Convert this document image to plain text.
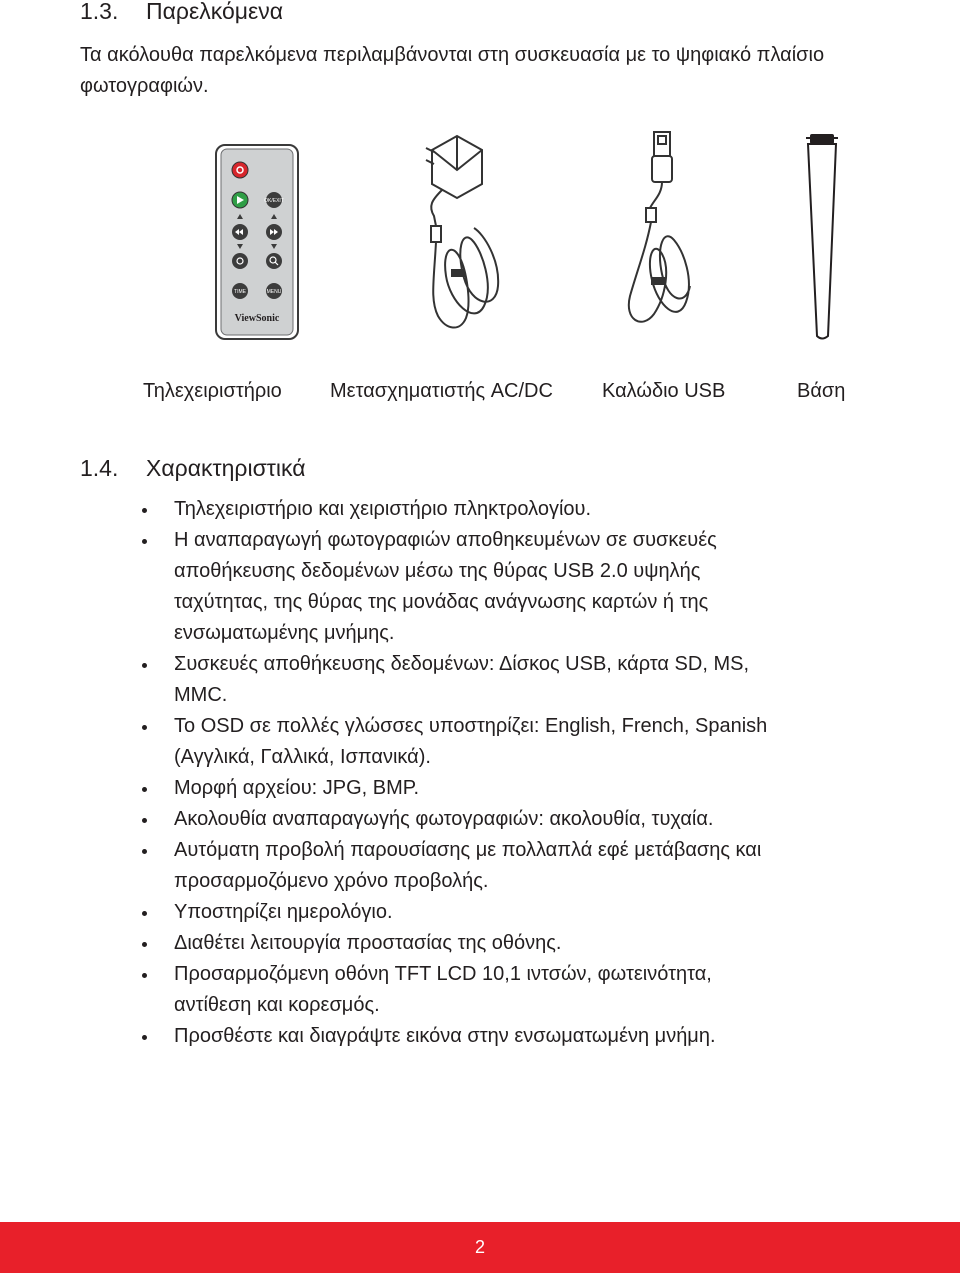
1.3. Παρελκόμενα

Τα ακόλουθα παρελκόμενα περιλαμβάνονται στη συσκευασία με το ψηφιακό πλαίσιο φωτογραφιών.

OK/EXIT
TIME	MENU
ViewSonic
Τηλεχειριστήριο Μετασχηματιστής AC/DC Καλώδιο USB	Βάση
1.4. Χαρακτηριστικά
Τηλεχειριστήριο και χειριστήριο πληκτρολογίου.
Η αναπαραγωγή φωτογραφιών αποθηκευμένων σε συσκευές αποθήκευσης δεδομένων μέσω της θύρας USB 2.0 υψηλής ταχύτητας, της θύρας της μονάδας ανάγνωσης καρτών ή της ενσωματωμένης μνήμης.
Συσκευές αποθήκευσης δεδομένων: Δίσκος USB, κάρτα SD, MS, MMC.
Το OSD σε πολλές γλώσσες υποστηρίζει: English, French, Spanish (Αγγλικά, Γαλλικά, Ισπανικά).
Μορφή αρχείου: JPG, BMP.
Ακολουθία αναπαραγωγής φωτογραφιών: ακολουθία, τυχαία.
Αυτόματη προβολή παρουσίασης με πολλαπλά εφέ μετάβασης και προσαρμοζόμενο χρόνο προβολής.
Υποστηρίζει ημερολόγιο.
Διαθέτει λειτουργία προστασίας της οθόνης.
Προσαρμοζόμενη οθόνη TFT LCD 10,1 ιντσών, φωτεινότητα, αντίθεση και κορεσμός.
Προσθέστε και διαγράψτε εικόνα στην ενσωματωμένη μνήμη.
2
